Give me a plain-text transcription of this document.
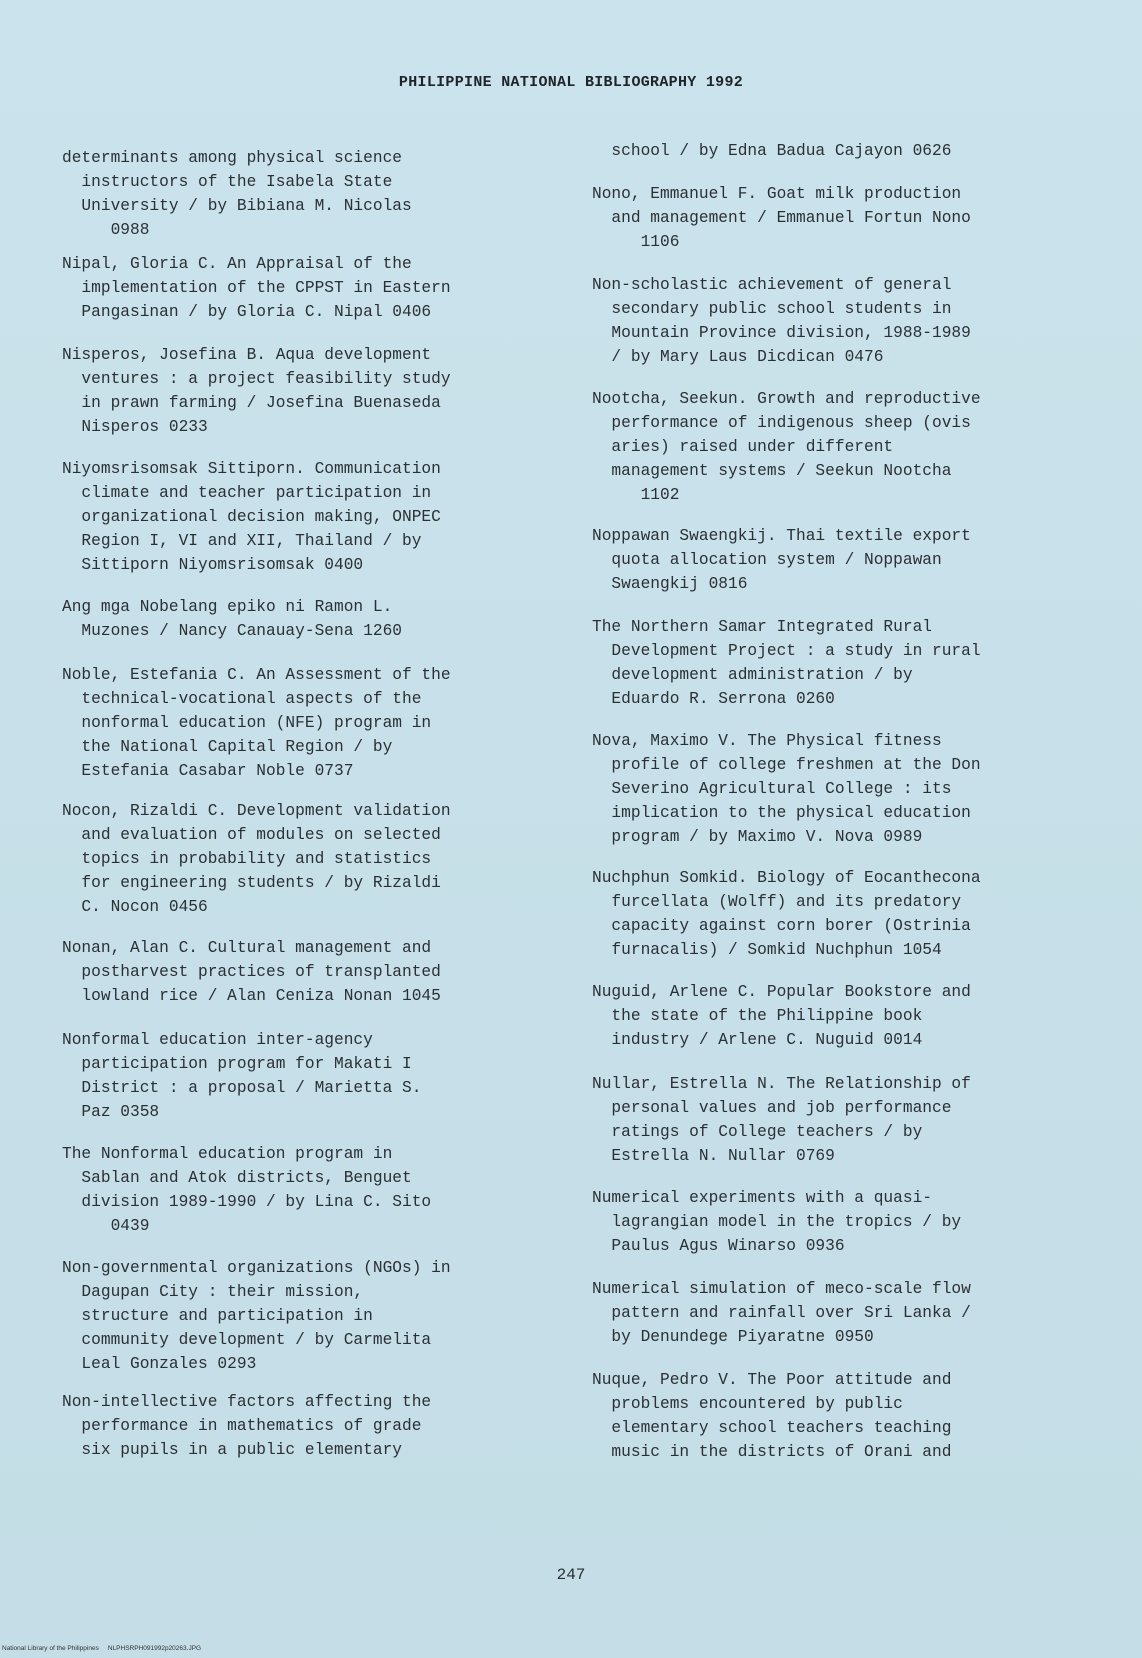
PHILIPPINE NATIONAL BIBLIOGRAPHY 1992

determinants among physical science
instructors of the Isabela State
University / by Bibiana M. Nicolas
0988

Nipal, Gloria C. An Appraisal of the
implementation of the CPPST in Eastern
Pangasinan / by Gloria C. Nipal 0406

Nisperos, Josefina B. Aqua development
ventures : a project feasibility study
in prawn farming / Josefina Buenaseda
Nisperos 0233

Niyomsrisomsak Sittiporn. Communication
climate and teacher participation in
organizational decision making, ONPEC
Region I, VI and XII, Thailand / by
Sittiporn Niyomsrisomsak 0400

Ang mga Nobelang epiko ni Ramon L.
Muzones / Nancy Canauay-Sena 1260

Noble, Estefania C. An Assessment of the
technical-vocational aspects of the
nonformal education (NFE) program in
the National Capital Region / by
Estefania Casabar Noble 0737

Nocon, Rizaldi C. Development validation
and evaluation of modules on selected
topics in probability and statistics
for engineering students / by Rizaldi
C. Nocon 0456

Nonan, Alan C. Cultural management and
postharvest practices of transplanted
lowland rice / Alan Ceniza Nonan 1045

Nonformal education inter-agency
participation program for Makati I
District : a proposal / Marietta S.
Paz 0358

The Nonformal education program in
Sablan and Atok districts, Benguet
division 1989-1990 / by Lina C. Sito
0439

Non-governmental organizations (NGOs) in
Dagupan City : their mission,
structure and participation in
community development / by Carmelita
Leal Gonzales 0293

Non-intellective factors affecting the
performance in mathematics of grade
six pupils in a public elementary

school / by Edna Badua Cajayon 0626

Nono, Emmanuel F. Goat milk production
and management / Emmanuel Fortun Nono
1106

Non-scholastic achievement of general
secondary public school students in
Mountain Province division, 1988-1989
/ by Mary Laus Dicdican 0476

Nootcha, Seekun. Growth and reproductive
performance of indigenous sheep (ovis
aries) raised under different
management systems / Seekun Nootcha
1102

Noppawan Swaengkij. Thai textile export
quota allocation system / Noppawan
Swaengkij 0816

The Northern Samar Integrated Rural
Development Project : a study in rural
development administration / by
Eduardo R. Serrona 0260

Nova, Maximo V. The Physical fitness
profile of college freshmen at the Don
Severino Agricultural College : its
implication to the physical education
program / by Maximo V. Nova 0989

Nuchphun Somkid. Biology of Eocanthecona
furcellata (Wolff) and its predatory
capacity against corn borer (Ostrinia
furnacalis) / Somkid Nuchphun 1054

Nuguid, Arlene C. Popular Bookstore and
the state of the Philippine book
industry / Arlene C. Nuguid 0014

Nullar, Estrella N. The Relationship of
personal values and job performance
ratings of College teachers / by
Estrella N. Nullar 0769

Numerical experiments with a quasi-
lagrangian model in the tropics / by
Paulus Agus Winarso 0936

Numerical simulation of meco-scale flow
pattern and rainfall over Sri Lanka /
by Denundege Piyaratne 0950

Nuque, Pedro V. The Poor attitude and
problems encountered by public
elementary school teachers teaching
music in the districts of Orani and

247
National Library of the Philippines     NLPHSRPH091992p20263.JPG
